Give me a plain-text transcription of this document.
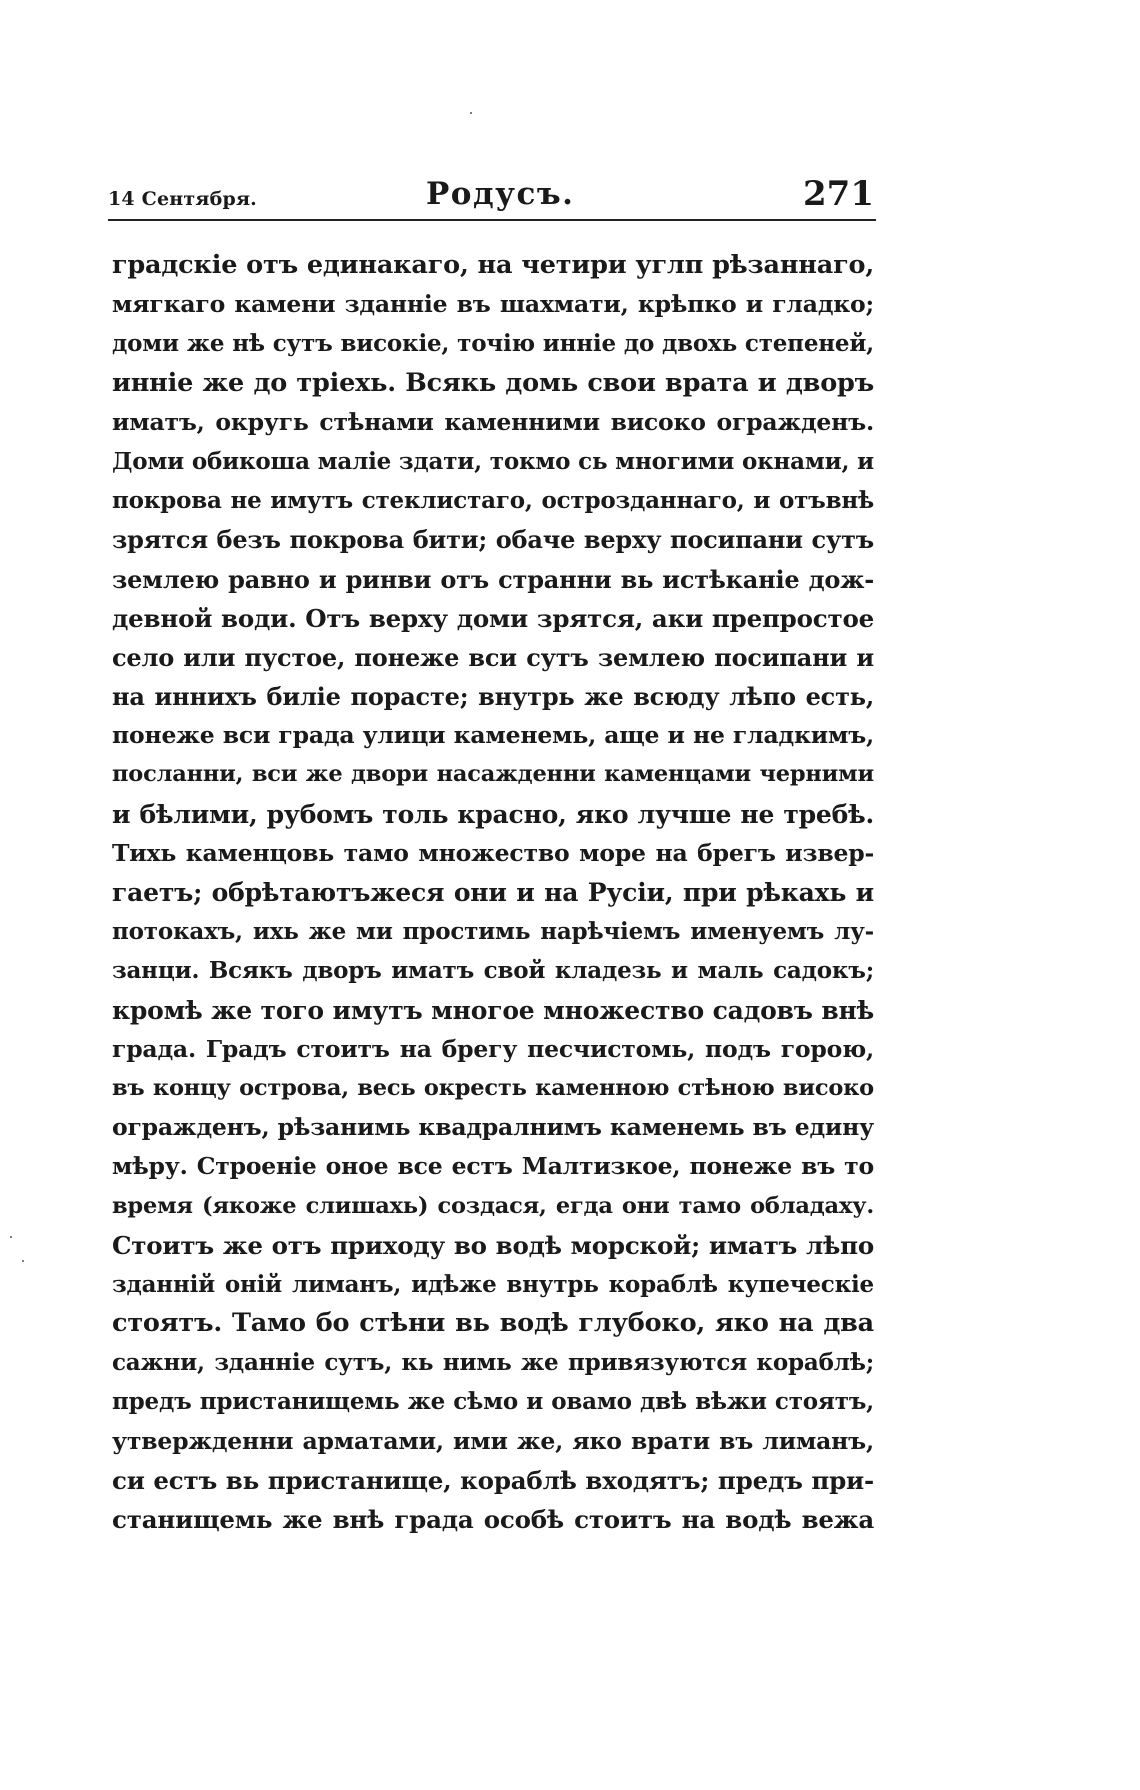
14 Сентября.	Родусъ.	271
градскіе отъ единакаго, на четири углп рѣзаннаго,
мягкаго камени зданніе въ шахмати, крѣпко и гладко;
доми же нѣ сутъ високіе, точію инніе до двохь степеней,
инніе же до тріехь. Всякь домь свои врата и дворъ
иматъ, округь стѣнами каменними високо огражденъ.
Доми обикоша маліе здати, токмо сь многими окнами, и
покрова не имутъ стеклистаго, острозданнаго, и отъвнѣ
зрятся безъ покрова бити; обаче верху посипани сутъ
землею равно и ринви отъ странни вь истѣканіе дож-
девной води. Отъ верху доми зрятся, аки препростое
село или пустое, понеже вси сутъ землею посипани и
на иннихъ биліе порасте; внутрь же всюду лѣпо есть,
понеже вси града улици каменемь, аще и не гладкимъ,
посланни, вси же двори насажденни каменцами черними
и бѣлими, рубомъ толь красно, яко лучше не требѣ.
Тихь каменцовь тамо множество море на брегъ извер-
гаетъ; обрѣтаютъжеся они и на Русіи, при рѣкахь и
потокахъ, ихь же ми простимь нарѣчіемъ именуемъ лу-
занци. Всякъ дворъ иматъ свой кладезь и маль садокъ;
кромѣ же того имутъ многое множество садовъ внѣ
града. Градъ стоитъ на брегу песчистомь, подъ горою,
въ концу острова, весь окресть каменною стѣною високо
огражденъ, рѣзанимь квадралнимъ каменемь въ едину
мѣру. Строеніе оное все естъ Малтизкое, понеже въ то
время (якоже слишахь) создася, егда они тамо обладаху.
Стоитъ же отъ приходу во водѣ морской; иматъ лѣпо
зданній оній лиманъ, идѣже внутрь кораблѣ купеческіе
стоятъ. Тамо бо стѣни вь водѣ глубоко, яко на два
сажни, зданніе сутъ, кь нимь же привязуются кораблѣ;
предъ пристанищемь же сѣмо и овамо двѣ вѣжи стоятъ,
утвержденни арматами, ими же, яко врати въ лиманъ,
си естъ вь пристанище, кораблѣ входятъ; предъ при-
станищемь же внѣ града особѣ стоитъ на водѣ вежа
